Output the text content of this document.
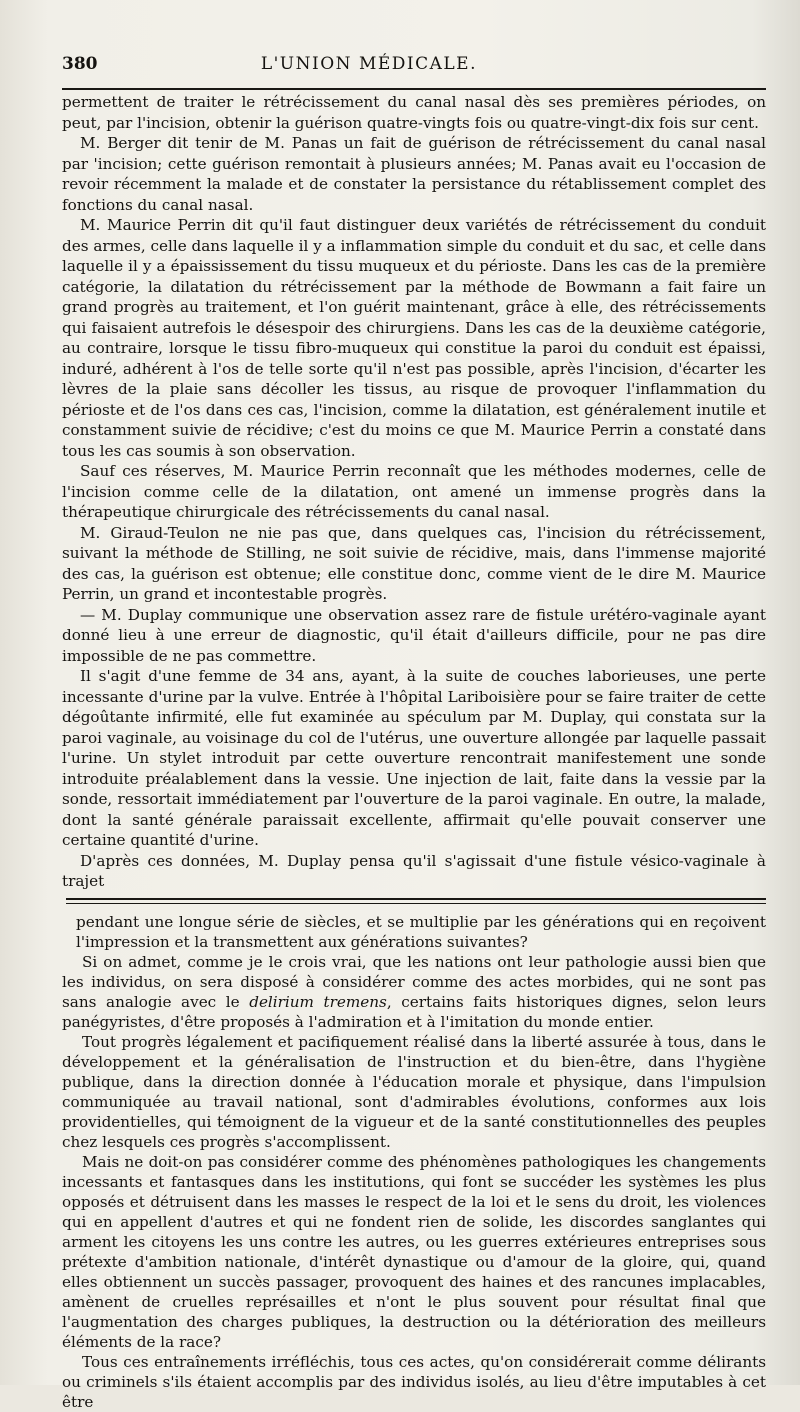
380	L'UNION MÉDICALE.

permettent de traiter le rétrécissement du canal nasal dès ses premières périodes, on peut, par l'incision, obtenir la guérison quatre-vingts fois ou quatre-vingt-dix fois sur cent.

M. Berger dit tenir de M. Panas un fait de guérison de rétrécissement du canal nasal par 'incision; cette guérison remontait à plusieurs années; M. Panas avait eu l'occasion de revoir récemment la malade et de constater la persistance du rétablissement complet des fonctions du canal nasal.

M. Maurice Perrin dit qu'il faut distinguer deux variétés de rétrécissement du conduit des armes, celle dans laquelle il y a inflammation simple du conduit et du sac, et celle dans laquelle il y a épaississement du tissu muqueux et du périoste. Dans les cas de la première catégorie, la dilatation du rétrécissement par la méthode de Bowmann a fait faire un grand progrès au traitement, et l'on guérit maintenant, grâce à elle, des rétrécissements qui faisaient autrefois le désespoir des chirurgiens. Dans les cas de la deuxième catégorie, au contraire, lorsque le tissu fibro-muqueux qui constitue la paroi du conduit est épaissi, induré, adhérent à l'os de telle sorte qu'il n'est pas possible, après l'incision, d'écarter les lèvres de la plaie sans décoller les tissus, au risque de provoquer l'inflammation du périoste et de l'os dans ces cas, l'incision, comme la dilatation, est généralement inutile et constamment suivie de récidive; c'est du moins ce que M. Maurice Perrin a constaté dans tous les cas soumis à son observation.

Sauf ces réserves, M. Maurice Perrin reconnaît que les méthodes modernes, celle de l'incision comme celle de la dilatation, ont amené un immense progrès dans la thérapeutique chirurgicale des rétrécissements du canal nasal.

M. Giraud-Teulon ne nie pas que, dans quelques cas, l'incision du rétrécissement, suivant la méthode de Stilling, ne soit suivie de récidive, mais, dans l'immense majorité des cas, la guérison est obtenue; elle constitue donc, comme vient de le dire M. Maurice Perrin, un grand et incontestable progrès.

— M. Duplay communique une observation assez rare de fistule urétéro-vaginale ayant donné lieu à une erreur de diagnostic, qu'il était d'ailleurs difficile, pour ne pas dire impossible de ne pas commettre.

Il s'agit d'une femme de 34 ans, ayant, à la suite de couches laborieuses, une perte incessante d'urine par la vulve. Entrée à l'hôpital Lariboisière pour se faire traiter de cette dégoûtante infirmité, elle fut examinée au spéculum par M. Duplay, qui constata sur la paroi vaginale, au voisinage du col de l'utérus, une ouverture allongée par laquelle passait l'urine. Un stylet introduit par cette ouverture rencontrait manifestement une sonde introduite préalablement dans la vessie. Une injection de lait, faite dans la vessie par la sonde, ressortait immédiatement par l'ouverture de la paroi vaginale. En outre, la malade, dont la santé générale paraissait excellente, affirmait qu'elle pouvait conserver une certaine quantité d'urine.

D'après ces données, M. Duplay pensa qu'il s'agissait d'une fistule vésico-vaginale à trajet

pendant une longue série de siècles, et se multiplie par les générations qui en reçoivent l'impression et la transmettent aux générations suivantes?

Si on admet, comme je le crois vrai, que les nations ont leur pathologie aussi bien que les individus, on sera disposé à considérer comme des actes morbides, qui ne sont pas sans analogie avec le delirium tremens, certains faits historiques dignes, selon leurs panégyristes, d'être proposés à l'admiration et à l'imitation du monde entier.

Tout progrès légalement et pacifiquement réalisé dans la liberté assurée à tous, dans le développement et la généralisation de l'instruction et du bien-être, dans l'hygiène publique, dans la direction donnée à l'éducation morale et physique, dans l'impulsion communiquée au travail national, sont d'admirables évolutions, conformes aux lois providentielles, qui témoignent de la vigueur et de la santé constitutionnelles des peuples chez lesquels ces progrès s'accomplissent.

Mais ne doit-on pas considérer comme des phénomènes pathologiques les changements incessants et fantasques dans les institutions, qui font se succéder les systèmes les plus opposés et détruisent dans les masses le respect de la loi et le sens du droit, les violences qui en appellent d'autres et qui ne fondent rien de solide, les discordes sanglantes qui arment les citoyens les uns contre les autres, ou les guerres extérieures entreprises sous prétexte d'ambition nationale, d'intérêt dynastique ou d'amour de la gloire, qui, quand elles obtiennent un succès passager, provoquent des haines et des rancunes implacables, amènent de cruelles représailles et n'ont le plus souvent pour résultat final que l'augmentation des charges publiques, la destruction ou la détérioration des meilleurs éléments de la race?

Tous ces entraînements irréfléchis, tous ces actes, qu'on considérerait comme délirants ou criminels s'ils étaient accomplis par des individus isolés, au lieu d'être imputables à cet être
